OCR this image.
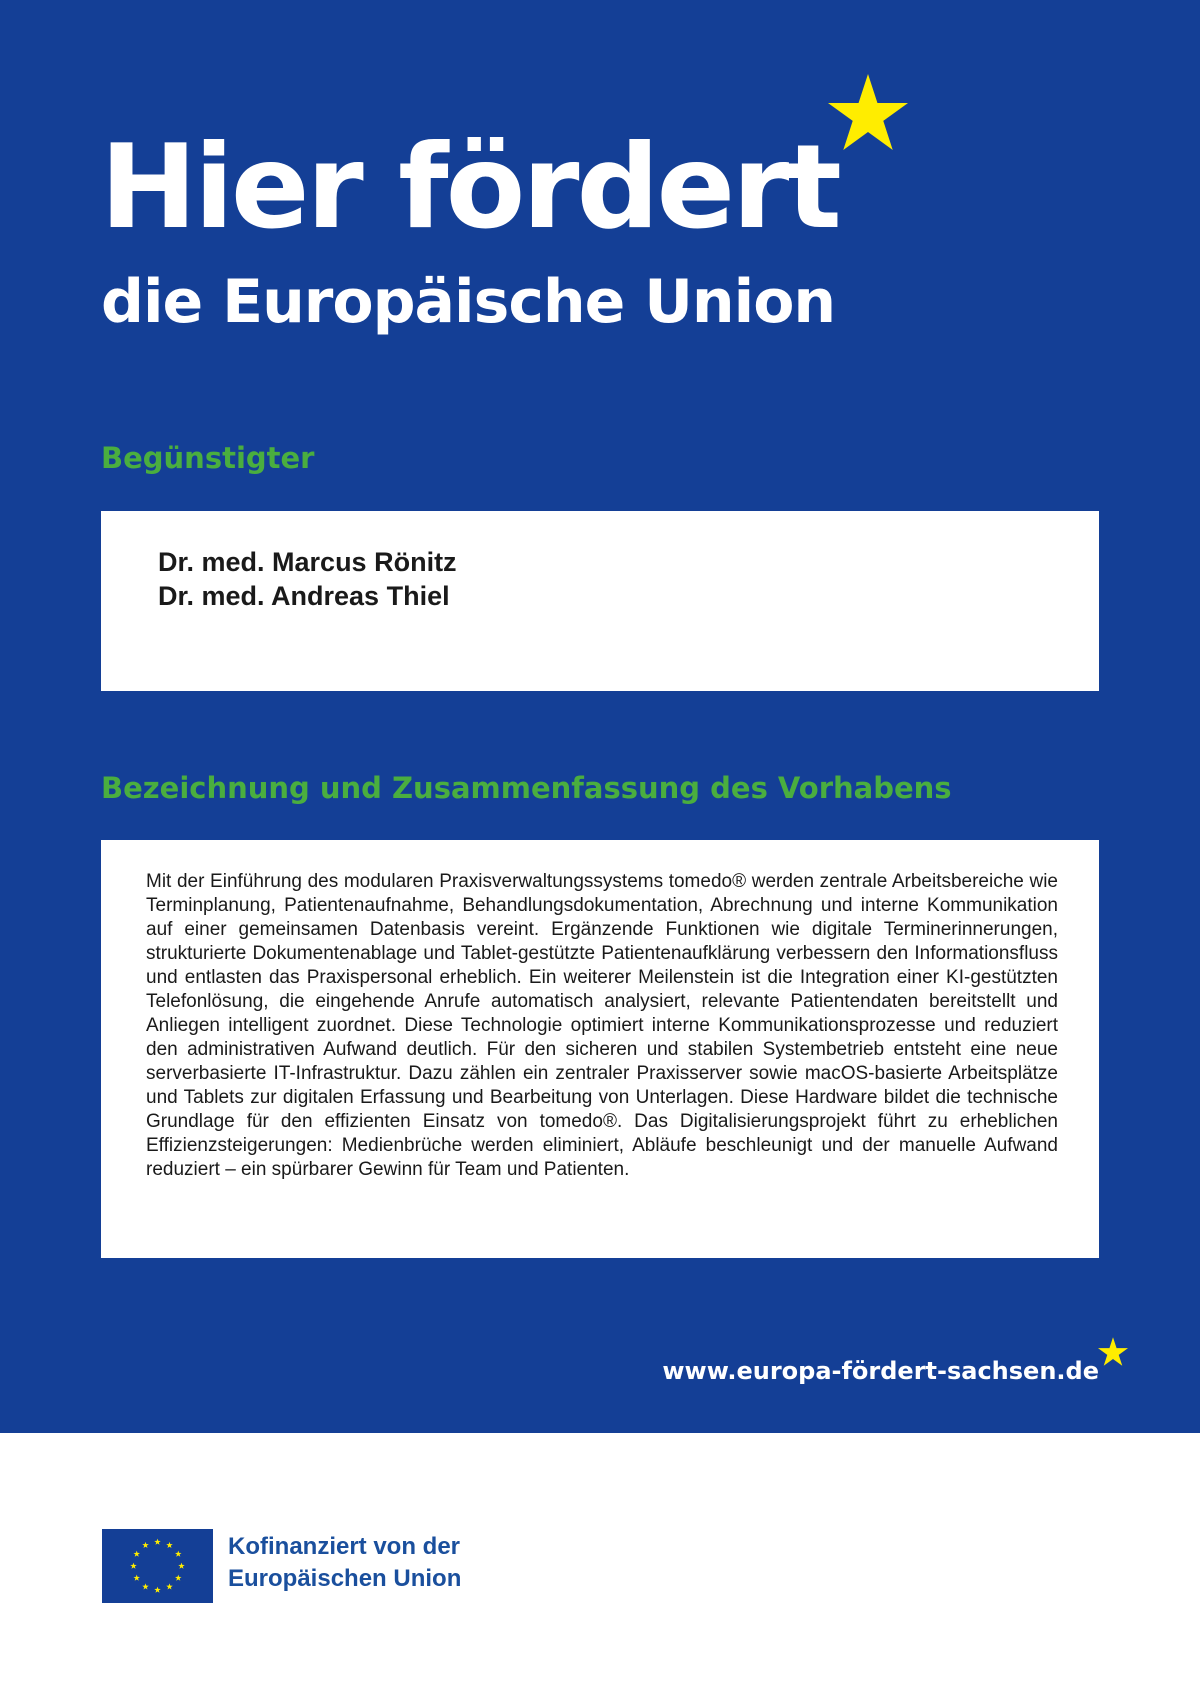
Hier fördert
die Europäische Union
Begünstigter

Dr. med. Marcus Rönitz

Dr. med. Andreas Thiel

Bezeichnung und Zusammenfassung des Vorhabens

Mit der Einführung des modularen Praxisverwaltungssystems tomedo® werden zentrale Arbeitsbereiche wie Terminplanung, Patientenaufnahme, Behandlungsdokumentation, Abrechnung und interne Kommunikation auf einer gemeinsamen Datenbasis vereint. Ergänzende Funktionen wie digitale Terminerinnerungen, strukturierte Dokumentenablage und Tablet-gestützte Patientenaufklärung verbessern den Informationsfluss und entlasten das Praxispersonal erheblich. Ein weiterer Meilenstein ist die Integration einer KI-gestützten Telefonlösung, die eingehende Anrufe automatisch analysiert, relevante Patientendaten bereitstellt und Anliegen intelligent zuordnet. Diese Technologie optimiert interne Kommunikationsprozesse und reduziert den administrativen Aufwand deutlich. Für den sicheren und stabilen Systembetrieb entsteht eine neue serverbasierte IT-Infrastruktur. Dazu zählen ein zentraler Praxisserver sowie macOS-basierte Arbeitsplätze und Tablets zur digitalen Erfassung und Bearbeitung von Unterlagen. Diese Hardware bildet die technische Grundlage für den effizienten Einsatz von tomedo®. Das Digitalisierungsprojekt führt zu erheblichen Effizienzsteigerungen: Medienbrüche werden eliminiert, Abläufe beschleunigt und der manuelle Aufwand reduziert – ein spürbarer Gewinn für Team und Patienten.

www.europa-fördert-sachsen.de

Kofinanziert von der
Europäischen Union
